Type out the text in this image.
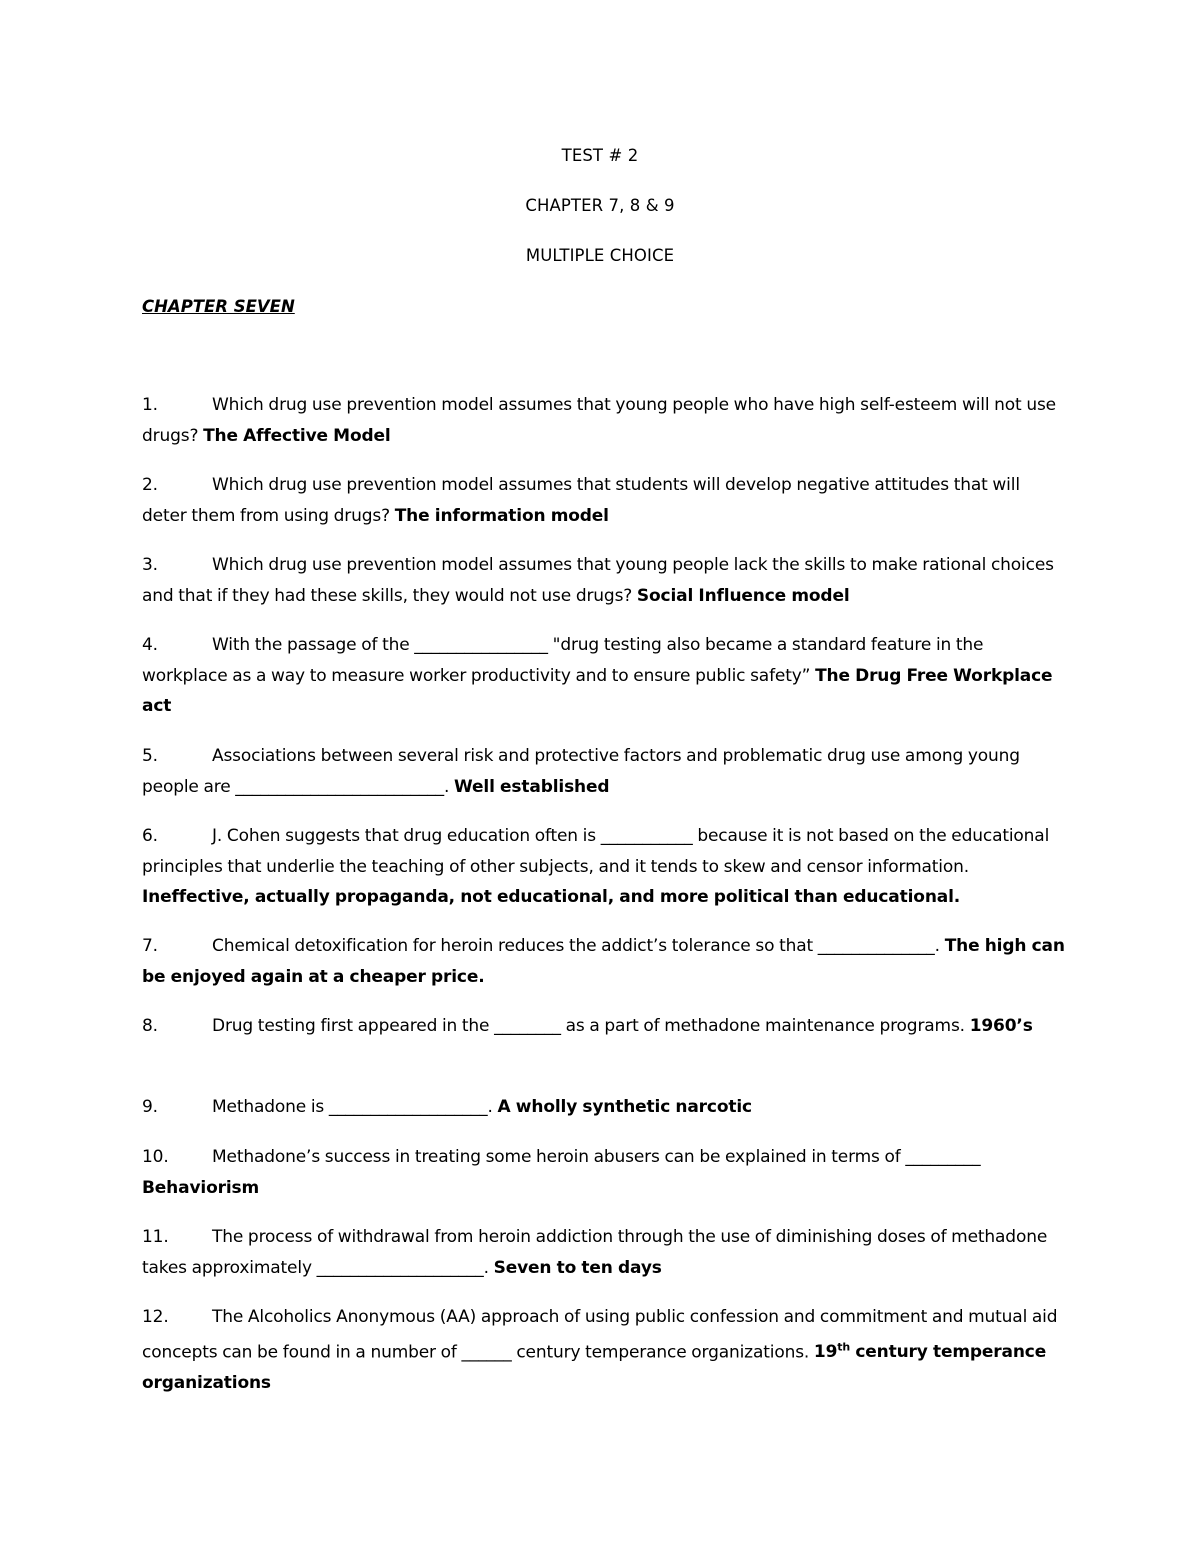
TEST # 2
CHAPTER 7, 8 & 9
MULTIPLE CHOICE
CHAPTER SEVEN
1.	Which drug use prevention model assumes that young people who have high self-esteem will not use drugs? The Affective Model
2.	Which drug use prevention model assumes that students will develop negative attitudes that will deter them from using drugs? The information model
3.	Which drug use prevention model assumes that young people lack the skills to make rational choices and that if they had these skills, they would not use drugs? Social Influence model
4.	With the passage of the ________________ "drug testing also became a standard feature in the workplace as a way to measure worker productivity and to ensure public safety” The Drug Free Workplace act
5.	Associations between several risk and protective factors and problematic drug use among young people are _________________________. Well established
6.	J. Cohen suggests that drug education often is ___________ because it is not based on the educational principles that underlie the teaching of other subjects, and it tends to skew and censor information. Ineffective, actually propaganda, not educational, and more political than educational.
7.	Chemical detoxification for heroin reduces the addict’s tolerance so that ______________. The high can be enjoyed again at a cheaper price.
8.	Drug testing first appeared in the ________ as a part of methadone maintenance programs. 1960’s
9.	Methadone is ___________________. A wholly synthetic narcotic
10.	Methadone’s success in treating some heroin abusers can be explained in terms of _________ Behaviorism
11.	The process of withdrawal from heroin addiction through the use of diminishing doses of methadone takes approximately ____________________. Seven to ten days
12.	The Alcoholics Anonymous (AA) approach of using public confession and commitment and mutual aid concepts can be found in a number of ______ century temperance organizations. 19th century temperance organizations
